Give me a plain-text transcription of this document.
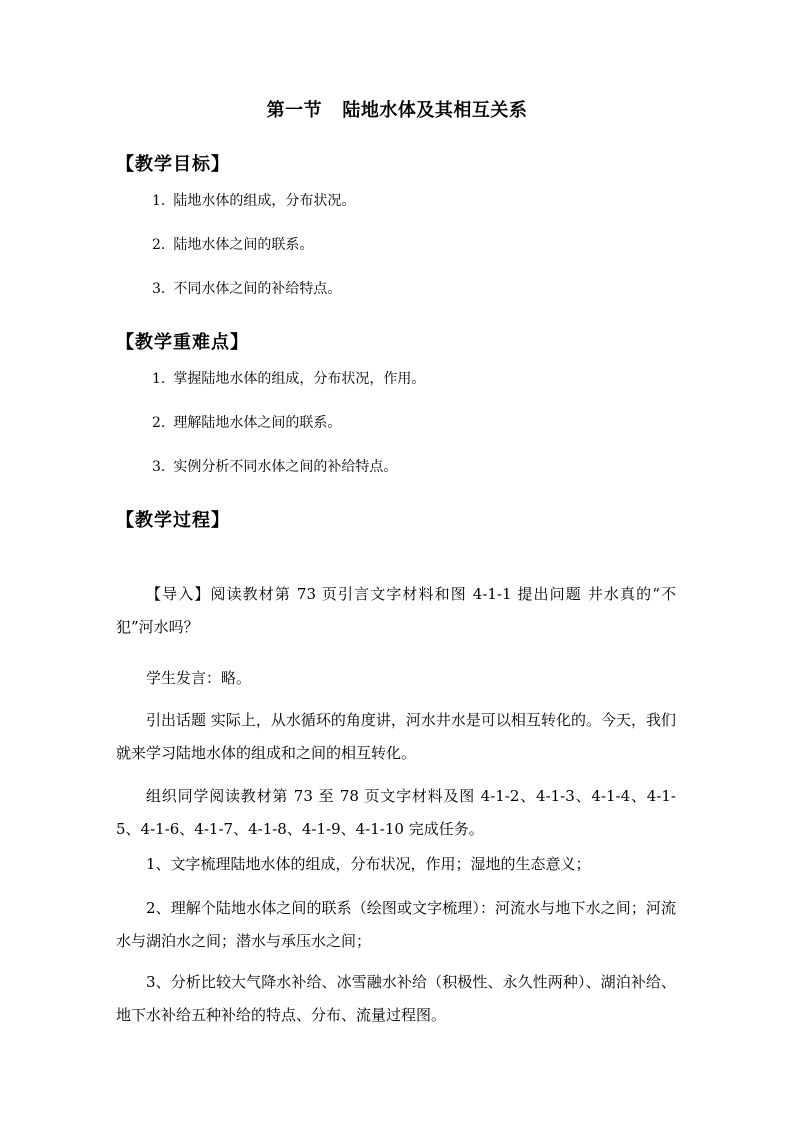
第一节   陆地水体及其相互关系
【教学目标】
1. 陆地水体的组成，分布状况。
2. 陆地水体之间的联系。
3. 不同水体之间的补给特点。
【教学重难点】
1. 掌握陆地水体的组成，分布状况，作用。
2. 理解陆地水体之间的联系。
3. 实例分析不同水体之间的补给特点。
【教学过程】
【导入】阅读教材第 73 页引言文字材料和图 4-1-1 提出问题 井水真的“不犯”河水吗？
学生发言：略。
引出话题 实际上，从水循环的角度讲，河水井水是可以相互转化的。今天，我们就来学习陆地水体的组成和之间的相互转化。
组织同学阅读教材第 73 至 78 页文字材料及图 4-1-2、4-1-3、4-1-4、4-1-5、4-1-6、4-1-7、4-1-8、4-1-9、4-1-10 完成任务。
1、文字梳理陆地水体的组成，分布状况，作用；湿地的生态意义；
2、理解个陆地水体之间的联系（绘图或文字梳理）：河流水与地下水之间；河流水与湖泊水之间；潜水与承压水之间；
3、分析比较大气降水补给、冰雪融水补给（积极性、永久性两种）、湖泊补给、地下水补给五种补给的特点、分布、流量过程图。
